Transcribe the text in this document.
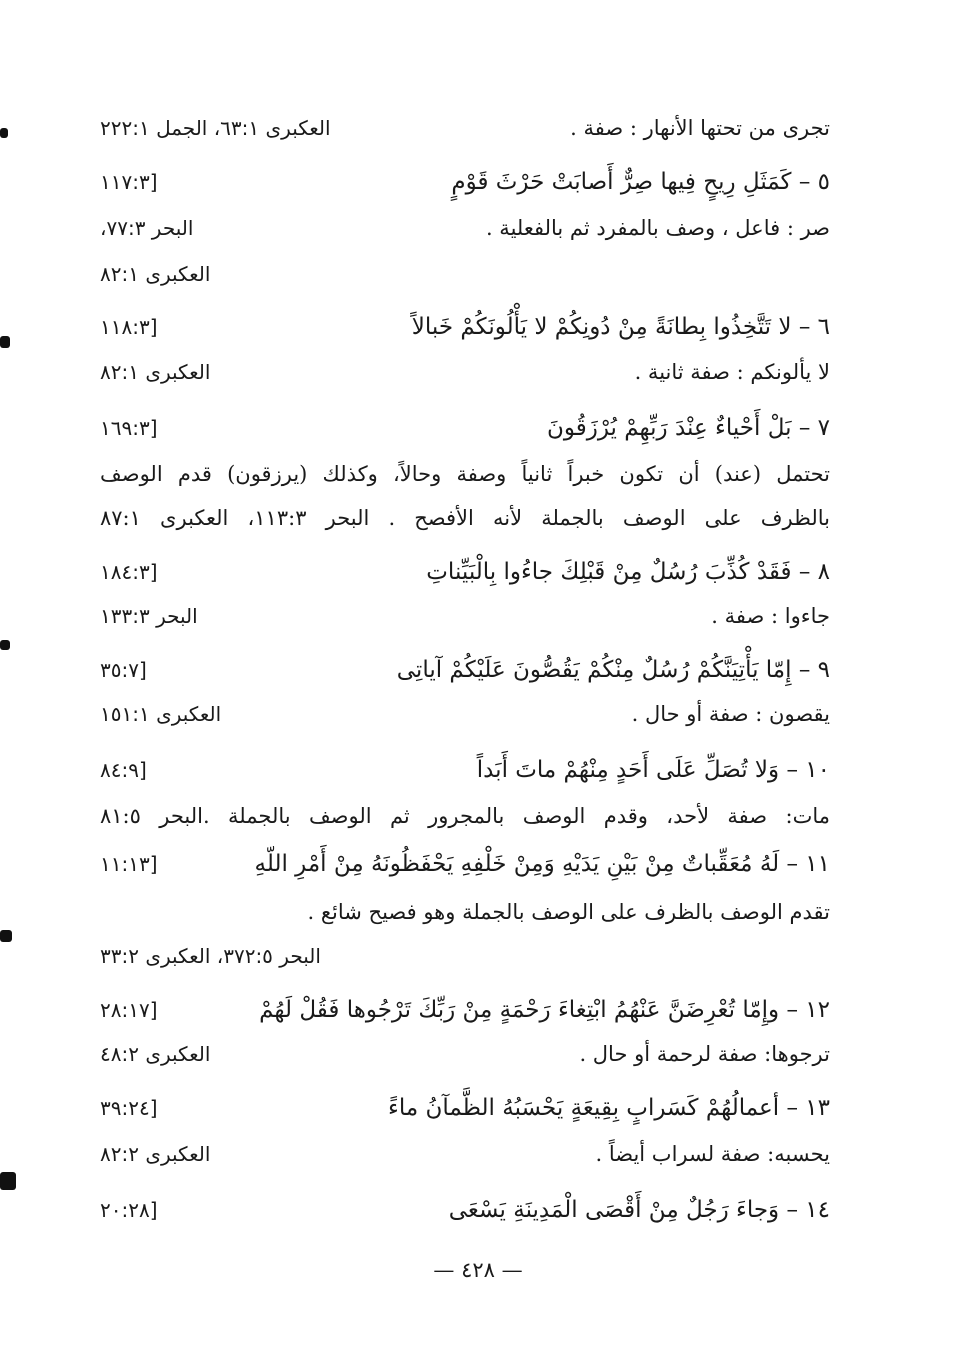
تجرى من تحتها الأنهار : صفة .
العكبرى ٦٣:١، الجمل ٢٢٢:١
٥ – كَمَثَلِ رِيحٍ فِيها صِرٌّ أَصابَتْ حَرْثَ قَوْمٍ
[١١٧:٣
صر : فاعل ، وصف بالمفرد ثم بالفعلية .
البحر ٧٧:٣،
العكبرى ٨٢:١
٦ – لا تَتَّخِذُوا بِطانَةً مِنْ دُونِكُمْ لا يَأْلُونَكُمْ خَبالاً
[١١٨:٣
لا يألونكم : صفة ثانية .
العكبرى ٨٢:١
٧ – بَلْ أَحْياءٌ عِنْدَ رَبِّهِمْ يُرْزَقُونَ
[١٦٩:٣
تحتمل (عند) أن تكون خبراً ثانياً وصفة وحالاً، وكذلك (يرزقون) قدم الوصف
بالظرف على الوصف بالجملة لأنه الأفصح . البحر ١١٣:٣، العكبرى ٨٧:١
٨ – فَقَدْ كُذِّبَ رُسُلٌ مِنْ قَبْلِكَ جاءُوا بِالْبَيِّناتِ
[١٨٤:٣
جاءوا : صفة .
البحر ١٣٣:٣
٩ – إِمّا يَأْتِيَنَّكُمْ رُسُلٌ مِنْكُمْ يَقُصُّونَ عَلَيْكُمْ آياتِى
[٣٥:٧
يقصون : صفة أو حال .
العكبرى ١٥١:١
١٠ – وَلا تُصَلِّ عَلَى أَحَدٍ مِنْهُمْ ماتَ أَبَداً
[٨٤:٩
مات: صفة لأحد، وقدم الوصف بالمجرور ثم الوصف بالجملة .البحر ٨١:٥
١١ – لَهُ مُعَقِّباتٌ مِنْ بَيْنِ يَدَيْهِ وَمِنْ خَلْفِهِ يَحْفَظُونَهُ مِنْ أَمْرِ اللّهِ
[١١:١٣
تقدم الوصف بالظرف على الوصف بالجملة وهو فصيح شائع .
البحر ٣٧٢:٥، العكبرى ٣٣:٢
١٢ – وإِمّا تُعْرِضَنَّ عَنْهُمُ ابْتِغاءَ رَحْمَةٍ مِنْ رَبِّكَ تَرْجُوها فَقُلْ لَهُمْ
[٢٨:١٧
ترجوها: صفة لرحمة أو حال .
العكبرى ٤٨:٢
١٣ – أعمالُهُمْ كَسَرابٍ بِقِيعَةٍ يَحْسَبُهُ الظَّمآنُ ماءً
[٣٩:٢٤
يحسبه: صفة لسراب أيضاً .
العكبرى ٨٢:٢
١٤ – وَجاءَ رَجُلٌ مِنْ أَقْصَى الْمَدِينَةِ يَسْعَى
[٢٠:٢٨
— ٤٢٨ —
